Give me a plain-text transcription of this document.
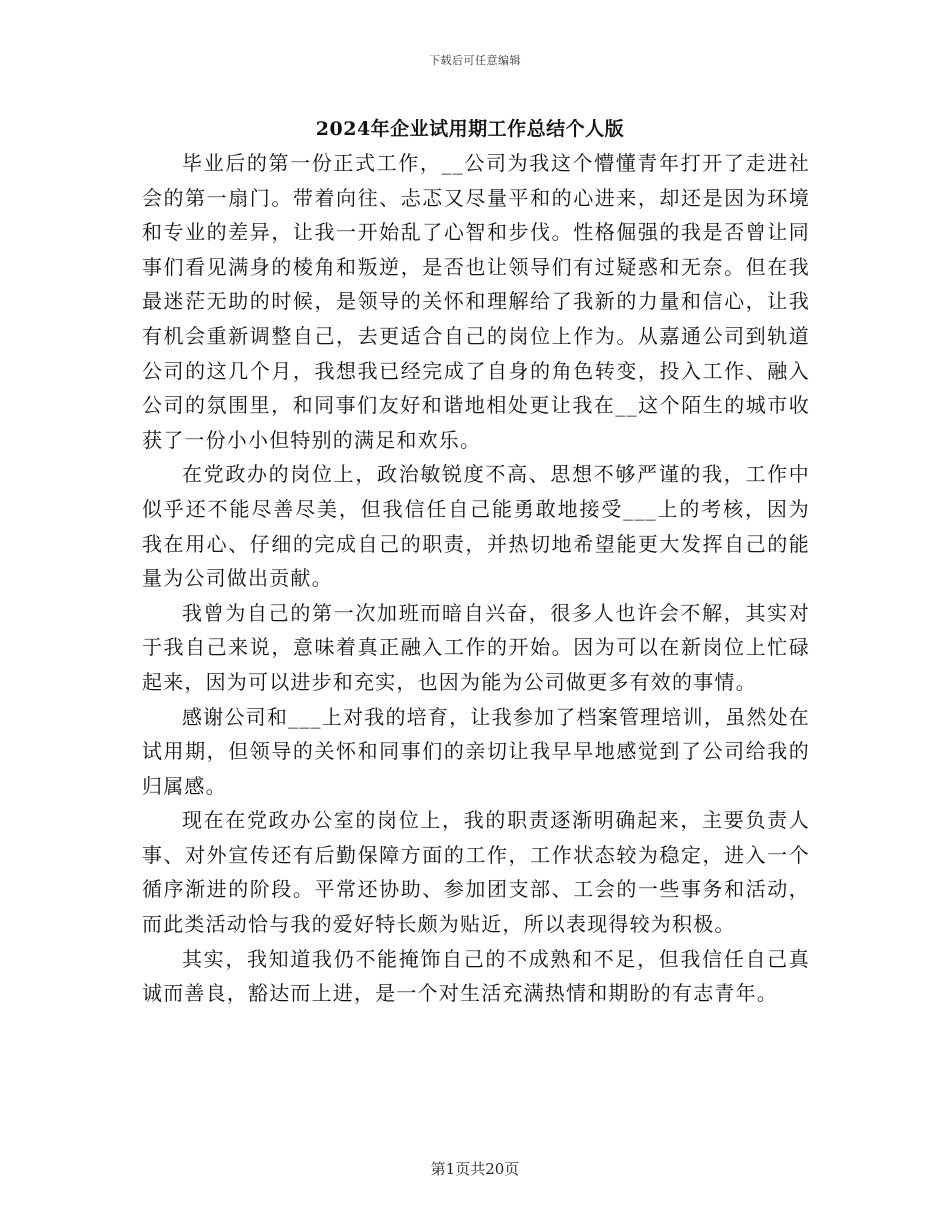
下载后可任意编辑
2024年企业试用期工作总结个人版

毕业后的第一份正式工作，__公司为我这个懵懂青年打开了走进社会的第一扇门。带着向往、忐忑又尽量平和的心进来，却还是因为环境和专业的差异，让我一开始乱了心智和步伐。性格倔强的我是否曾让同事们看见满身的棱角和叛逆，是否也让领导们有过疑惑和无奈。但在我最迷茫无助的时候，是领导的关怀和理解给了我新的力量和信心，让我有机会重新调整自己，去更适合自己的岗位上作为。从嘉通公司到轨道公司的这几个月，我想我已经完成了自身的角色转变，投入工作、融入公司的氛围里，和同事们友好和谐地相处更让我在__这个陌生的城市收获了一份小小但特别的满足和欢乐。

在党政办的岗位上，政治敏锐度不高、思想不够严谨的我，工作中似乎还不能尽善尽美，但我信任自己能勇敢地接受___上的考核，因为我在用心、仔细的完成自己的职责，并热切地希望能更大发挥自己的能量为公司做出贡献。

我曾为自己的第一次加班而暗自兴奋，很多人也许会不解，其实对于我自己来说，意味着真正融入工作的开始。因为可以在新岗位上忙碌起来，因为可以进步和充实，也因为能为公司做更多有效的事情。

感谢公司和___上对我的培育，让我参加了档案管理培训，虽然处在试用期，但领导的关怀和同事们的亲切让我早早地感觉到了公司给我的归属感。

现在在党政办公室的岗位上，我的职责逐渐明确起来，主要负责人事、对外宣传还有后勤保障方面的工作，工作状态较为稳定，进入一个循序渐进的阶段。平常还协助、参加团支部、工会的一些事务和活动，而此类活动恰与我的爱好特长颇为贴近，所以表现得较为积极。

其实，我知道我仍不能掩饰自己的不成熟和不足，但我信任自己真诚而善良，豁达而上进，是一个对生活充满热情和期盼的有志青年。

第1页共20页
